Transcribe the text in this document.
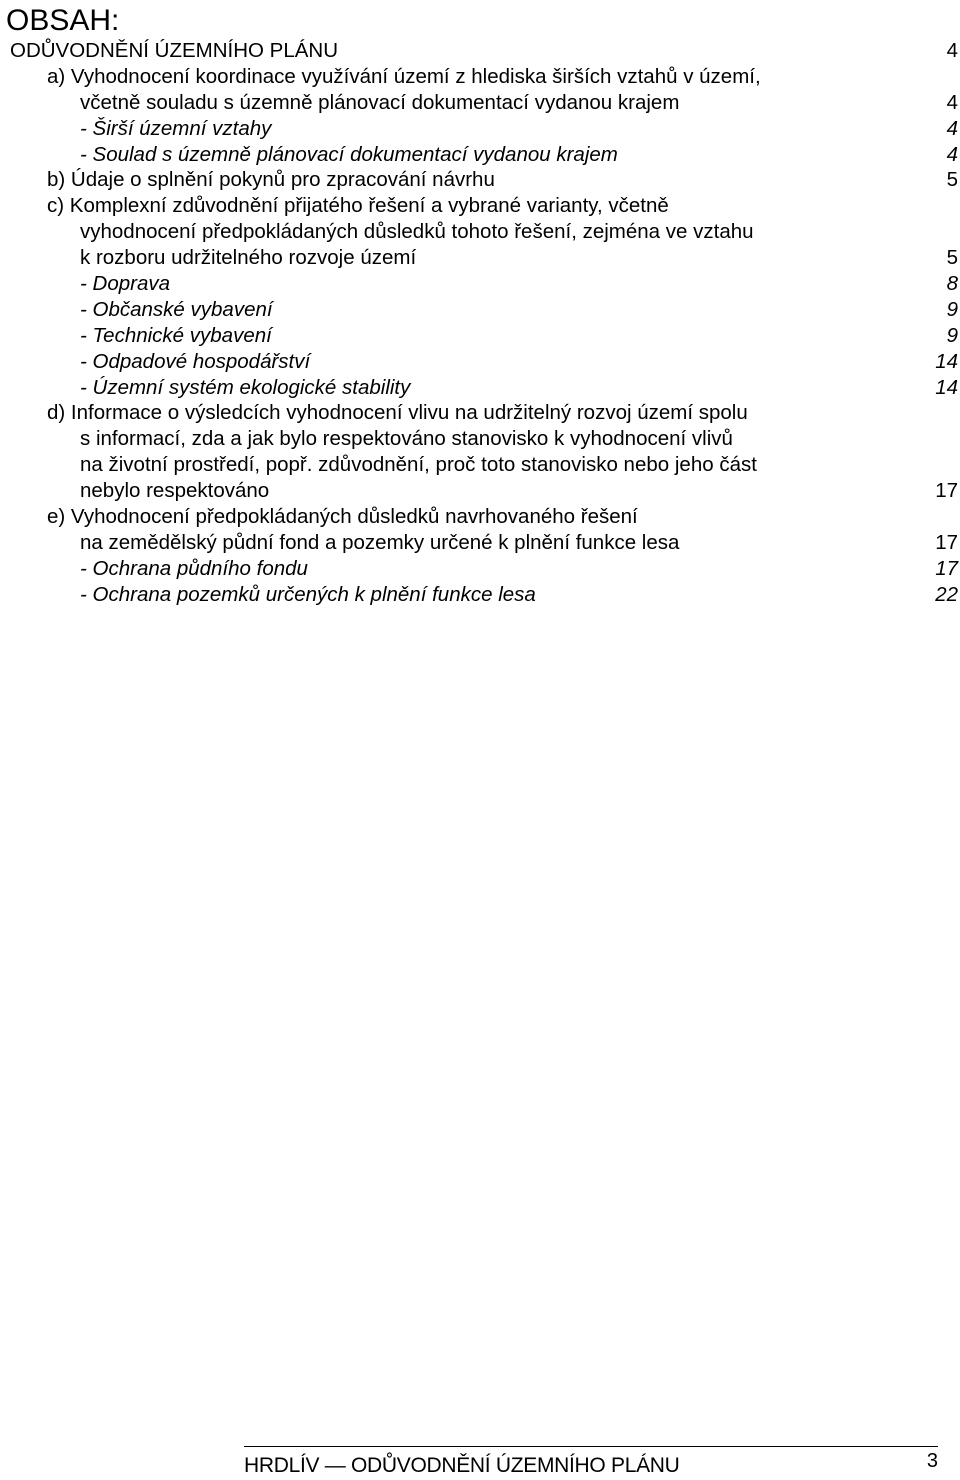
OBSAH:
ODŮVODNĚNÍ ÚZEMNÍHO PLÁNU	4
a) Vyhodnocení koordinace využívání území z hlediska širších vztahů v území,
včetně souladu s územně plánovací dokumentací vydanou krajem	4
- Širší územní vztahy	4
- Soulad s územně plánovací dokumentací vydanou krajem	4
b) Údaje o splnění pokynů pro zpracování návrhu	5
c) Komplexní zdůvodnění přijatého řešení a vybrané varianty, včetně
vyhodnocení předpokládaných důsledků tohoto řešení, zejména ve vztahu
k rozboru udržitelného rozvoje území	5
- Doprava	8
- Občanské vybavení	9
- Technické vybavení	9
- Odpadové hospodářství	14
- Územní systém ekologické stability	14
d) Informace o výsledcích vyhodnocení vlivu na udržitelný rozvoj území spolu
s informací, zda a jak bylo respektováno stanovisko k vyhodnocení vlivů
na životní prostředí, popř. zdůvodnění, proč toto stanovisko nebo jeho část
nebylo respektováno	17
e) Vyhodnocení předpokládaných důsledků navrhovaného řešení
na zemědělský půdní fond a pozemky určené k plnění funkce lesa	17
- Ochrana půdního fondu	17
- Ochrana pozemků určených k plnění funkce lesa	22
HRDLÍV — ODŮVODNĚNÍ ÚZEMNÍHO PLÁNU	3
